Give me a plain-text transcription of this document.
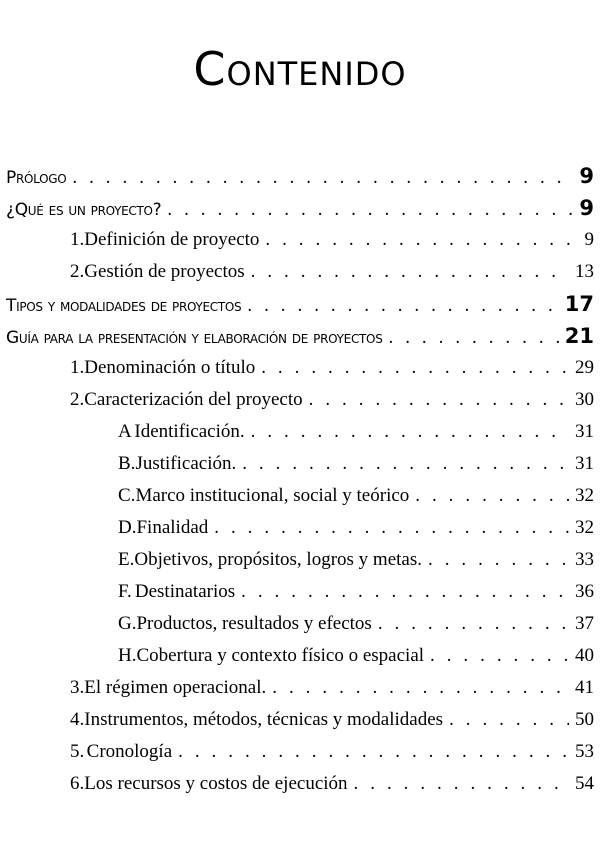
Contenido
Prólogo . . .	9
¿Qué es un proyecto? . . .	9
1. Definición de proyecto . . .	9
2. Gestión de proyectos . . .	13
Tipos y modalidades de proyectos . . .	17
Guía para la presentación y elaboración de proyectos . . .	21
1. Denominación o título . . .	29
2. Caracterización del proyecto . . .	30
A Identificación. . . .	31
B. Justificación. . . .	31
C. Marco institucional, social y teórico . . .	32
D. Finalidad . . .	32
E. Objetivos, propósitos, logros y metas. . . .	33
F. Destinatarios . . .	36
G. Productos, resultados y efectos . . .	37
H. Cobertura y contexto físico o espacial . . .	40
3. El régimen operacional. . . .	41
4. Instrumentos, métodos, técnicas y modalidades . . .	50
5. Cronología . . .	53
6. Los recursos y costos de ejecución . . .	54
